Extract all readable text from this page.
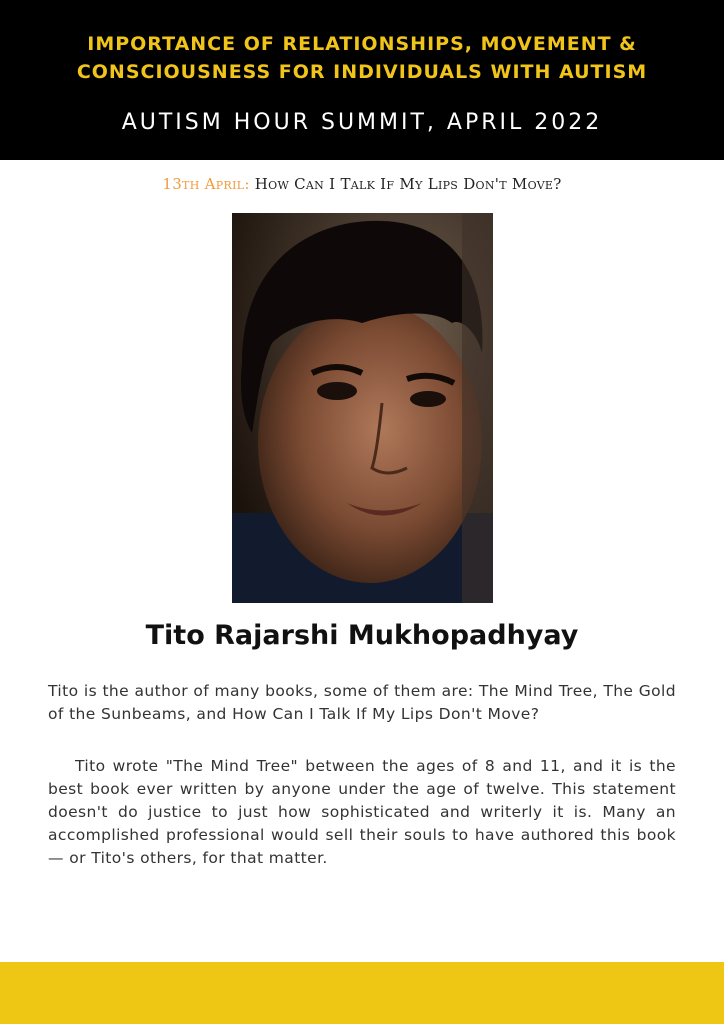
IMPORTANCE OF RELATIONSHIPS, MOVEMENT &
CONSCIOUSNESS FOR INDIVIDUALS WITH AUTISM
AUTISM HOUR SUMMIT, APRIL 2022
13th April: How Can I Talk If My Lips Don't Move?
Tito Rajarshi Mukhopadhyay

Tito is the author of many books, some of them are: The Mind Tree, The Gold of the Sunbeams, and How Can I Talk If My Lips Don't Move?

Tito wrote "The Mind Tree" between the ages of 8 and 11, and it is the best book ever written by anyone under the age of twelve. This statement doesn't do justice to just how sophisticated and writerly it is. Many an accomplished professional would sell their souls to have authored this book — or Tito's others, for that matter.
